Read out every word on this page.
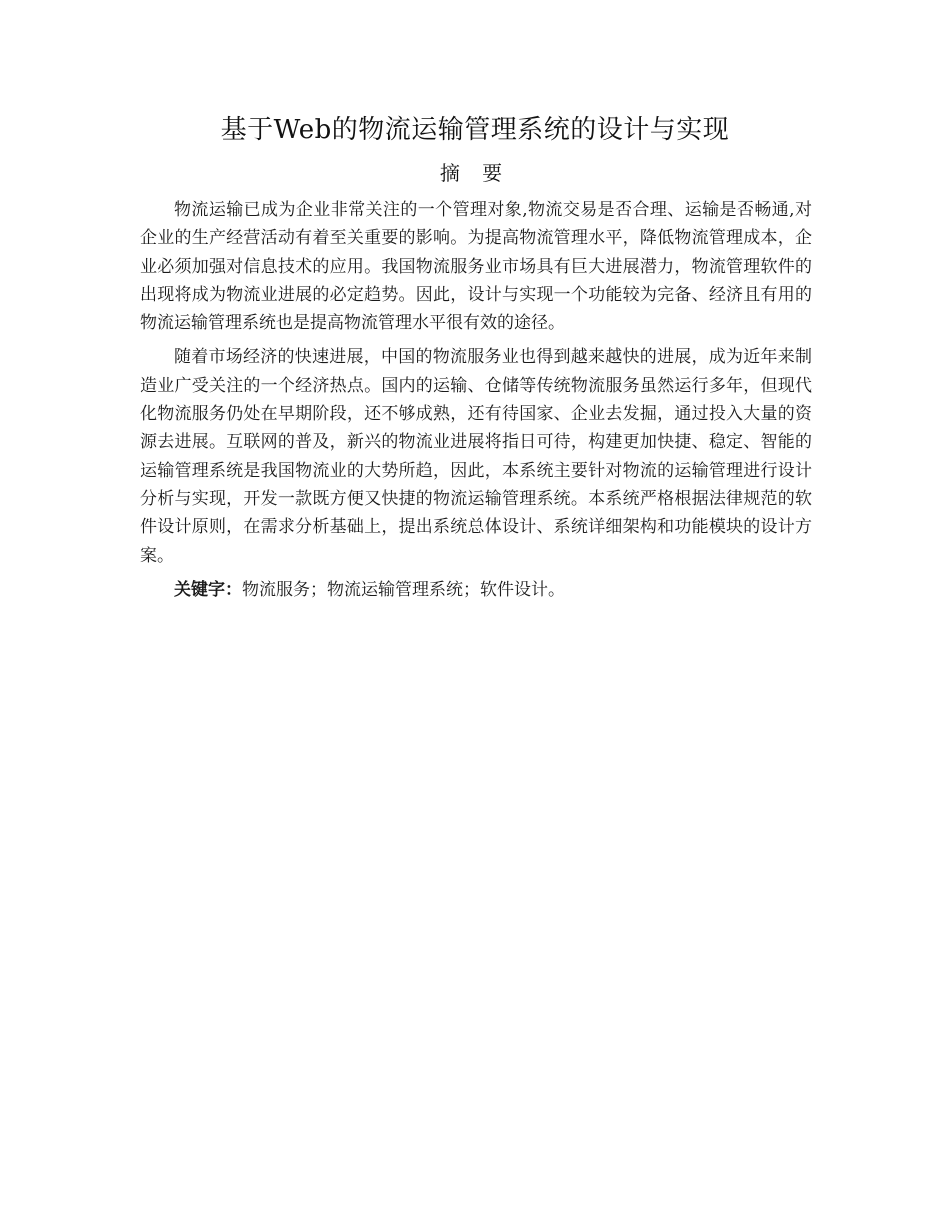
基于Web的物流运输管理系统的设计与实现
摘 要

物流运输已成为企业非常关注的一个管理对象,物流交易是否合理、运输是否畅通,对企业的生产经营活动有着至关重要的影响。为提高物流管理水平，降低物流管理成本，企业必须加强对信息技术的应用。我国物流服务业市场具有巨大进展潜力，物流管理软件的出现将成为物流业进展的必定趋势。因此，设计与实现一个功能较为完备、经济且有用的物流运输管理系统也是提高物流管理水平很有效的途径。

随着市场经济的快速进展，中国的物流服务业也得到越来越快的进展，成为近年来制造业广受关注的一个经济热点。国内的运输、仓储等传统物流服务虽然运行多年，但现代化物流服务仍处在早期阶段，还不够成熟，还有待国家、企业去发掘，通过投入大量的资源去进展。互联网的普及，新兴的物流业进展将指日可待，构建更加快捷、稳定、智能的运输管理系统是我国物流业的大势所趋，因此，本系统主要针对物流的运输管理进行设计分析与实现，开发一款既方便又快捷的物流运输管理系统。本系统严格根据法律规范的软件设计原则，在需求分析基础上，提出系统总体设计、系统详细架构和功能模块的设计方案。

关键字：物流服务；物流运输管理系统；软件设计。
